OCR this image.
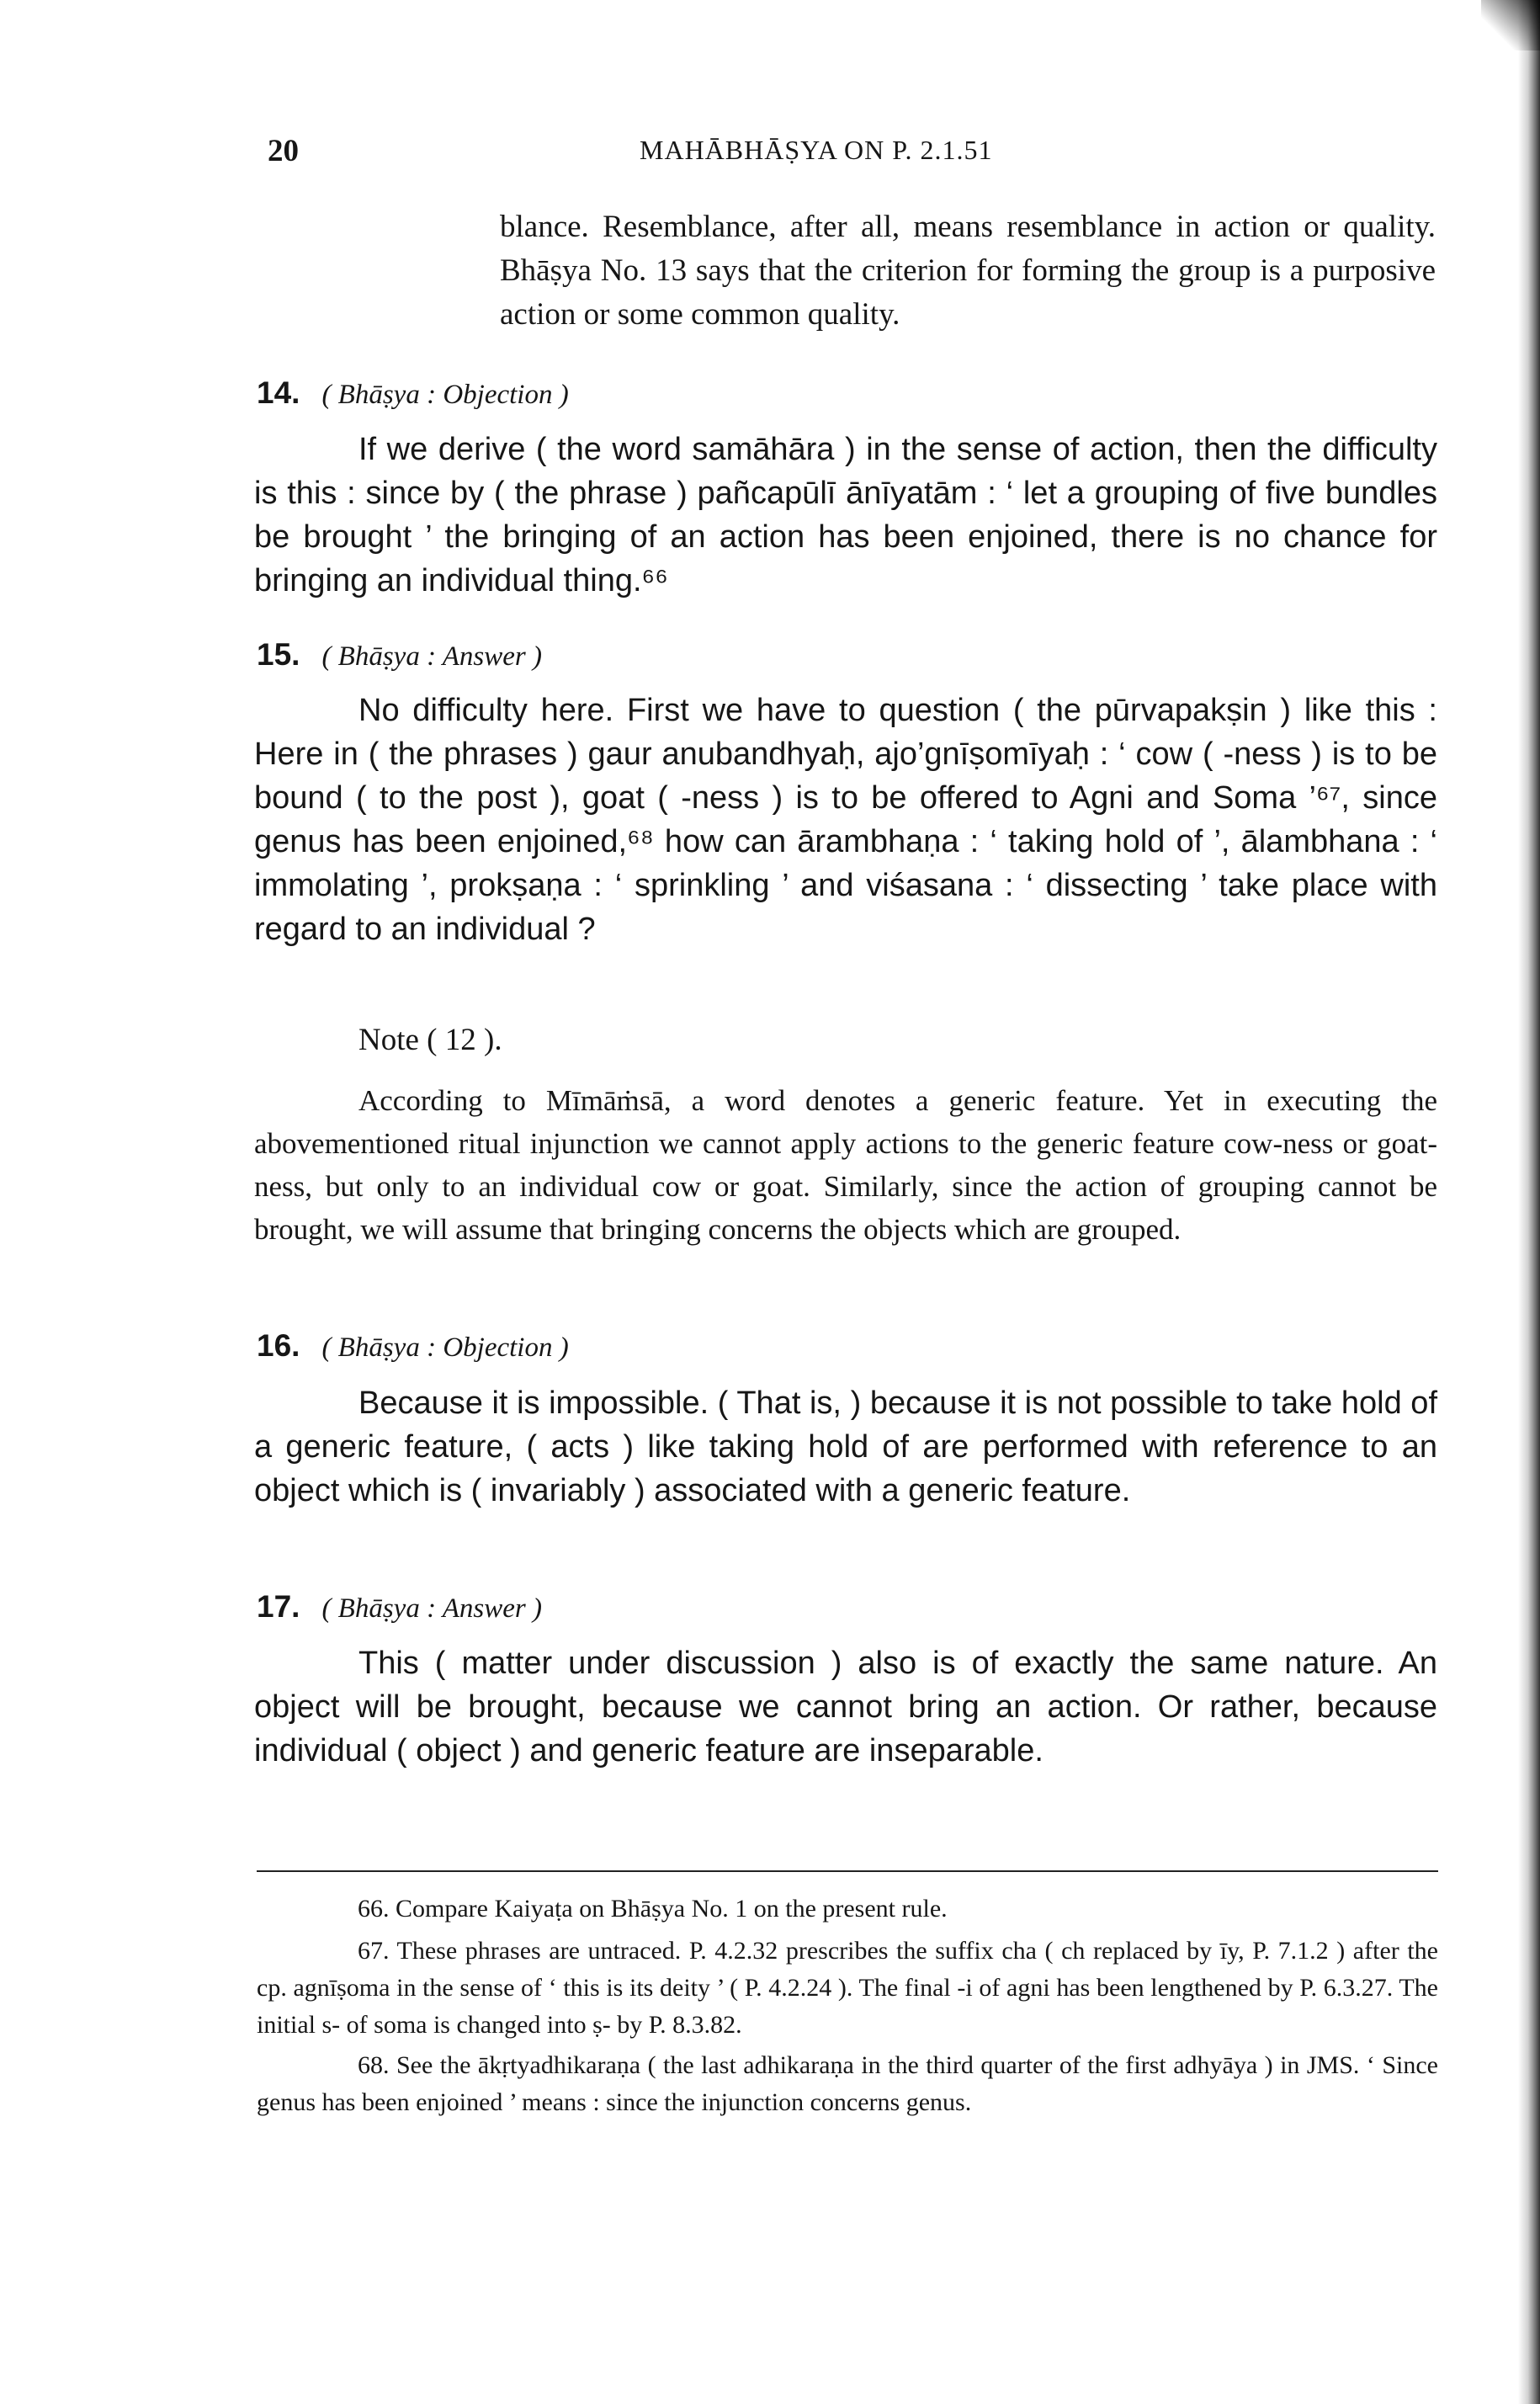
20	MAHĀBHĀṢYA ON P. 2.1.51

blance. Resemblance, after all, means resemblance in action or quality. Bhāṣya No. 13 says that the criterion for forming the group is a purposive action or some common quality.

14. ( Bhāṣya : Objection )

If we derive ( the word samāhāra ) in the sense of action, then the difficulty is this : since by ( the phrase ) pañcapūlī ānīyatām : ‘ let a grouping of five bundles be brought ’ the bringing of an action has been enjoined, there is no chance for bringing an individual thing.⁶⁶

15. ( Bhāṣya : Answer )

No difficulty here. First we have to question ( the pūrvapakṣin ) like this : Here in ( the phrases ) gaur anubandhyaḥ, ajo’gnīṣomīyaḥ : ‘ cow ( -ness ) is to be bound ( to the post ), goat ( -ness ) is to be offered to Agni and Soma ’⁶⁷, since genus has been enjoined,⁶⁸ how can ārambhaṇa : ‘ taking hold of ’, ālambhana : ‘ immolating ’, prokṣaṇa : ‘ sprinkling ’ and viśasana : ‘ dissecting ’ take place with regard to an individual ?

Note ( 12 ).

According to Mīmāṁsā, a word denotes a generic feature. Yet in executing the abovementioned ritual injunction we cannot apply actions to the generic feature cow-ness or goat-ness, but only to an individual cow or goat. Similarly, since the action of grouping cannot be brought, we will assume that bringing concerns the objects which are grouped.

16. ( Bhāṣya : Objection )

Because it is impossible. ( That is, ) because it is not possible to take hold of a generic feature, ( acts ) like taking hold of are performed with reference to an object which is ( invariably ) associated with a generic feature.

17. ( Bhāṣya : Answer )

This ( matter under discussion ) also is of exactly the same nature. An object will be brought, because we cannot bring an action. Or rather, because individual ( object ) and generic feature are inseparable.

66. Compare Kaiyaṭa on Bhāṣya No. 1 on the present rule.

67. These phrases are untraced. P. 4.2.32 prescribes the suffix cha ( ch replaced by īy, P. 7.1.2 ) after the cp. agnīṣoma in the sense of ‘ this is its deity ’ ( P. 4.2.24 ). The final -i of agni has been lengthened by P. 6.3.27. The initial s- of soma is changed into ṣ- by P. 8.3.82.

68. See the ākṛtyadhikaraṇa ( the last adhikaraṇa in the third quarter of the first adhyāya ) in JMS. ‘ Since genus has been enjoined ’ means : since the injunction concerns genus.
